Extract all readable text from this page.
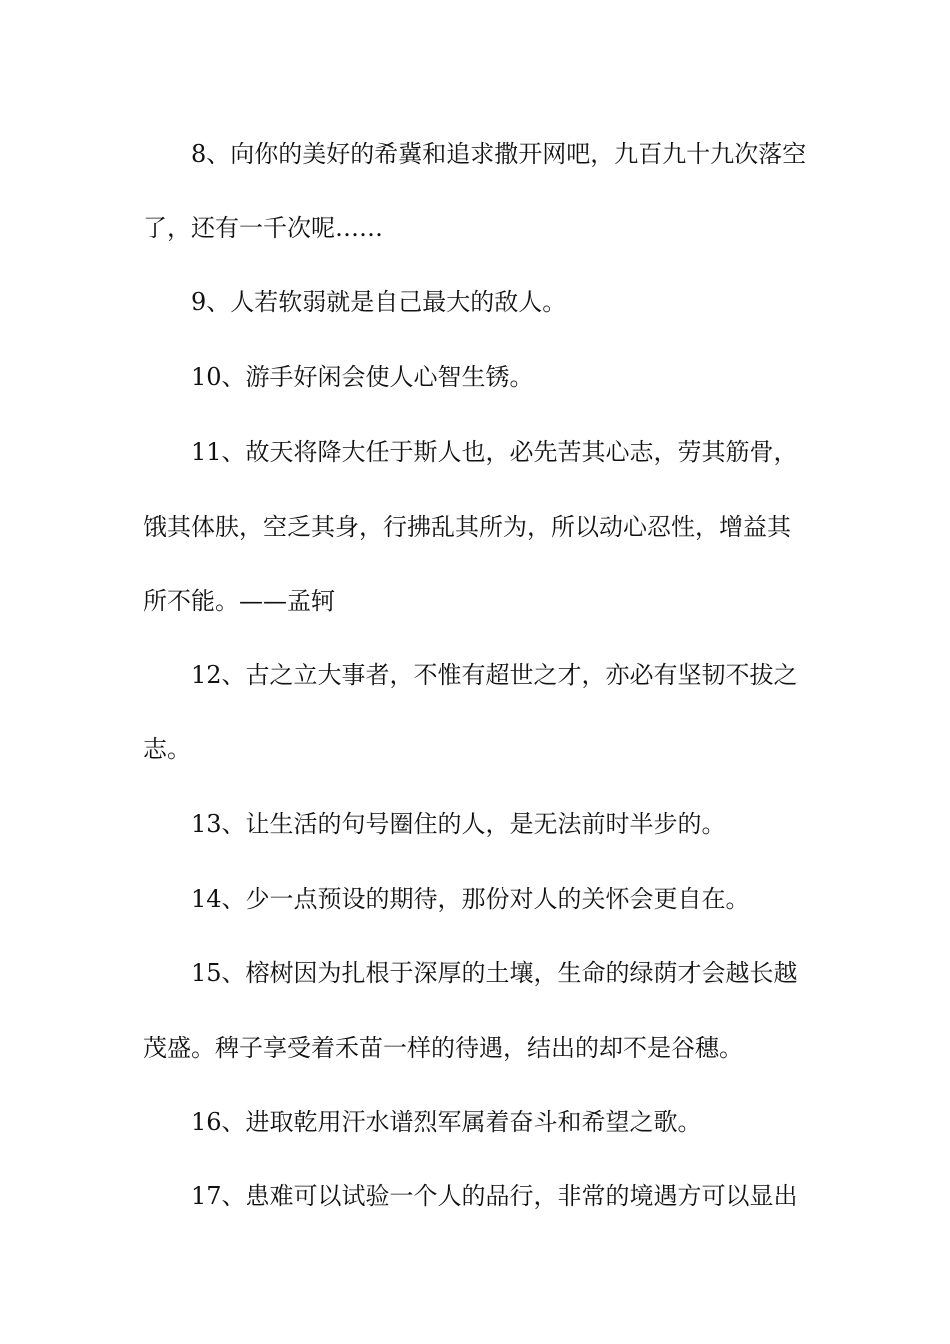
8、向你的美好的希冀和追求撒开网吧，九百九十九次落空
了，还有一千次呢……
9、人若软弱就是自己最大的敌人。
10、游手好闲会使人心智生锈。
11、故天将降大任于斯人也，必先苦其心志，劳其筋骨，
饿其体肤，空乏其身，行拂乱其所为，所以动心忍性，增益其
所不能。——孟轲
12、古之立大事者，不惟有超世之才，亦必有坚韧不拔之
志。
13、让生活的句号圈住的人，是无法前时半步的。
14、少一点预设的期待，那份对人的关怀会更自在。
15、榕树因为扎根于深厚的土壤，生命的绿荫才会越长越
茂盛。稗子享受着禾苗一样的待遇，结出的却不是谷穗。
16、进取乾用汗水谱烈军属着奋斗和希望之歌。
17、患难可以试验一个人的品行，非常的境遇方可以显出
